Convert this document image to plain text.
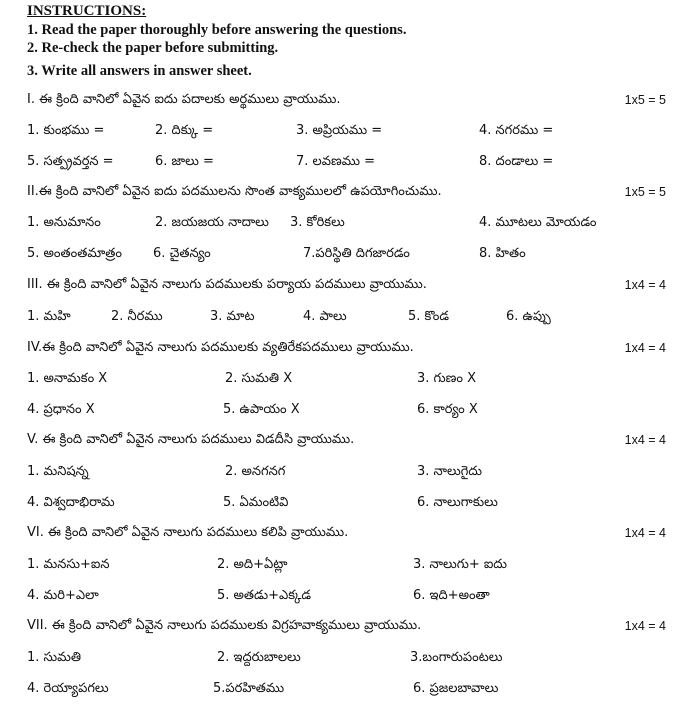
INSTRUCTIONS:
1. Read the paper thoroughly before answering the questions.
2. Re-check the paper before submitting.
3. Write all answers in answer sheet.
I. ఈ క్రింది వానిలో ఏవైన ఐదు పదాలకు అర్థములు వ్రాయుము.	1x5 = 5
1. కుంభము =	2. దిక్కు =	3. అప్రియము =	4. నగరము =
5. సత్ప్రవర్తన =	6. జాలు =	7. లవణము =	8. దండాలు =
II.ఈ క్రింది వానిలో ఏవైన ఐదు పదములను సొంత వాక్యములలో ఉపయోగించుము.	1x5 = 5
1. అనుమానం	2. జయజయ నాదాలు 3. కోరికలు	4. మూటలు మోయడం
5. అంతంతమాత్రం 6. చైతన్యం	7.పరిస్థితి దిగజారడం	8. హితం
III. ఈ క్రింది వానిలో ఏవైన నాలుగు పదములకు పర్యాయ పదములు వ్రాయుము.	1x4 = 4
1. మహి	2. నీరము	3. మాట	4. పాలు	5. కొండ	6. ఉప్పు
IV.ఈ క్రింది వానిలో ఏవైన నాలుగు పదములకు వ్యతిరేకపదములు వ్రాయుము.	1x4 = 4
1. అనామకం X	2. సుమతి X	3. గుణం X
4. ప్రధానం X	5. ఉపాయం X	6. కార్యం X
V. ఈ క్రింది వానిలో ఏవైన నాలుగు పదములు విడదీసి వ్రాయుము.	1x4 = 4
1. మనిషన్న	2. అనగనగ	3. నాలుగైదు
4. విశ్వదాభిరామ	5. ఏమంటివి	6. నాలుగాకులు
VI. ఈ క్రింది వానిలో ఏవైన నాలుగు పదములు కలిపి వ్రాయుము.	1x4 = 4
1. మనసు+ఐన	2. అది+ఏట్లా	3. నాలుగు+ ఐదు
4. మరి+ఎలా	5. అతడు+ఎక్కడ	6. ఇది+అంతా
VII. ఈ క్రింది వానిలో ఏవైన నాలుగు పదములకు విగ్రహవాక్యములు వ్రాయుము.	1x4 = 4
1. సుమతి	2. ఇద్దరుబాలలు	3.బంగారుపంటలు
4. రెయ్యాపగలు	5.పరహితము	6. ప్రజలబావాలు
